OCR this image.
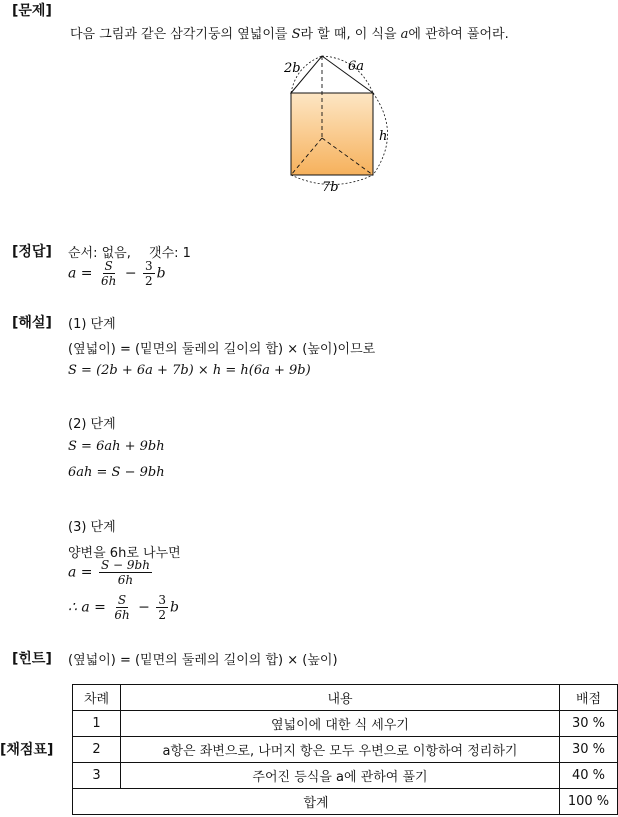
[문제]
다음 그림과 같은 삼각기둥의 옆넓이를 S라 할 때, 이 식을 a에 관하여 풀어라.
2b	6a
h
7b
[정답] 순서: 없음, 갯수: 1
$a = \frac{S}{6h} - \frac{3}{2}$ b
[해설] (1) 단계
(옆넓이) = (밑면의 둘레의 길이의 합) × (높이)이므로
S = (2b + 6a + 7b) × h = h(6a + 9b)
(2) 단계
S = 6ah + 9bh
6ah = S − 9bh
(3) 단계
양변을 6h로 나누면
$a = \frac{S - 9bh}{6h}$
∴ $a = \frac{S}{6h} - \frac{3}{2}$ b
[힌트] (옆넓이) = (밑면의 둘레의 길이의 합) × (높이)
[채점표]
차례	내용	배점
1	옆넓이에 대한 식 세우기	30 %
2	a항은 좌변으로, 나머지 항은 모두 우변으로 이항하여 정리하기	30 %
3	주어진 등식을 a에 관하여 풀기	40 %
합계		100 %
